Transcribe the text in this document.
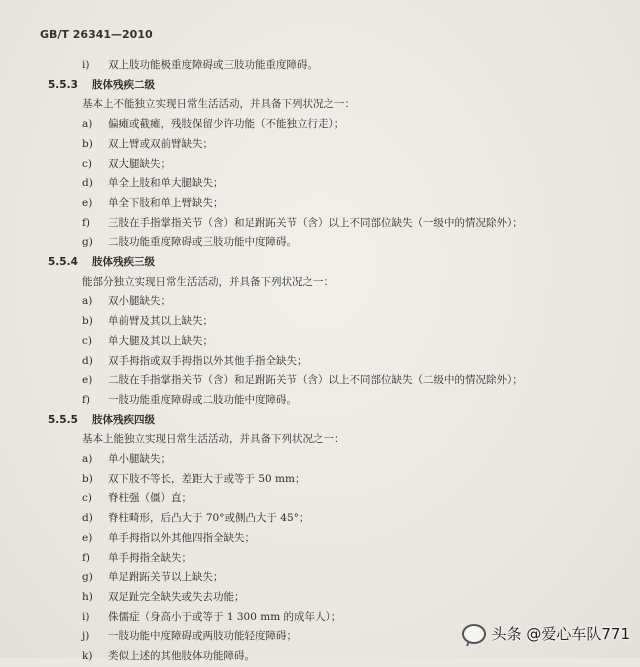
GB/T 26341—2010
i)	双上肢功能极重度障碍或三肢功能重度障碍。
5.5.3 肢体残疾二级
基本上不能独立实现日常生活活动，并具备下列状况之一：
a)	偏瘫或截瘫，残肢保留少许功能（不能独立行走）；
b)	双上臂或双前臂缺失；
c)	双大腿缺失；
d)	单全上肢和单大腿缺失；
e)	单全下肢和单上臂缺失；
f)	三肢在手指掌指关节（含）和足跗跖关节（含）以上不同部位缺失（一级中的情况除外）；
g)	二肢功能重度障碍或三肢功能中度障碍。
5.5.4 肢体残疾三级
能部分独立实现日常生活活动，并具备下列状况之一：
a)	双小腿缺失；
b)	单前臂及其以上缺失；
c)	单大腿及其以上缺失；
d)	双手拇指或双手拇指以外其他手指全缺失；
e)	二肢在手指掌指关节（含）和足跗跖关节（含）以上不同部位缺失（二级中的情况除外）；
f)	一肢功能重度障碍或二肢功能中度障碍。
5.5.5 肢体残疾四级
基本上能独立实现日常生活活动，并具备下列状况之一：
a)	单小腿缺失；
b)	双下肢不等长，差距大于或等于 50 mm；
c)	脊柱强（僵）直；
d)	脊柱畸形，后凸大于 70°或侧凸大于 45°；
e)	单手拇指以外其他四指全缺失；
f)	单手拇指全缺失；
g)	单足跗跖关节以上缺失；
h)	双足趾完全缺失或失去功能；
i)	侏儒症（身高小于或等于 1 300 mm 的成年人）；
j)	一肢功能中度障碍或两肢功能轻度障碍；
k)	类似上述的其他肢体功能障碍。
头条 @爱心车队771
